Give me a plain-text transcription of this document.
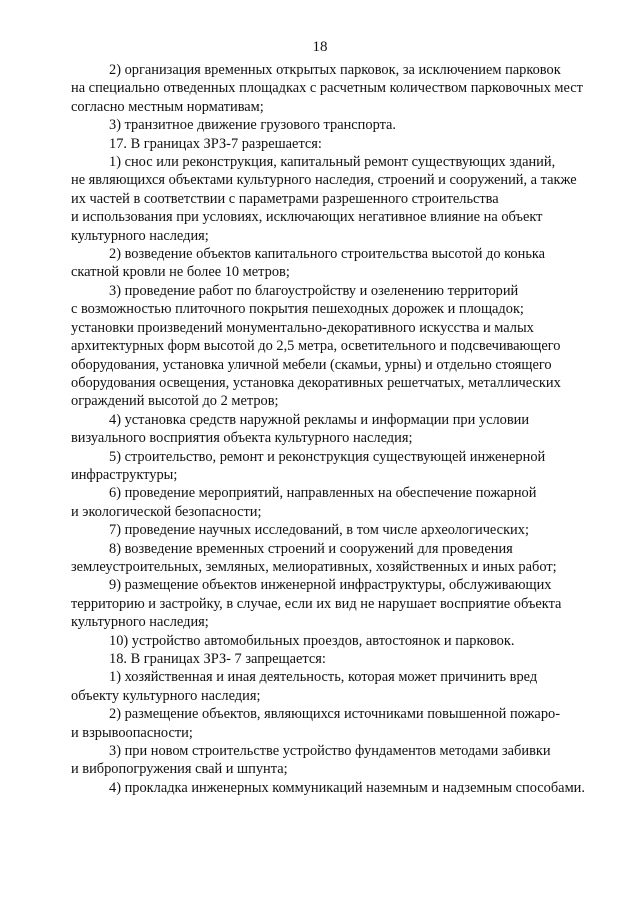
18

2) организация временных открытых парковок, за исключением парковок
на специально отведенных площадках с расчетным количеством парковочных мест
согласно местным нормативам;

3) транзитное движение грузового транспорта.

17. В границах ЗРЗ-7 разрешается:

1) снос или реконструкция, капитальный ремонт существующих зданий,
не являющихся объектами культурного наследия, строений и сооружений, а также
их частей в соответствии с параметрами разрешенного строительства
и использования при условиях, исключающих негативное влияние на объект
культурного наследия;

2) возведение объектов капитального строительства высотой до конька
скатной кровли не более 10 метров;

3) проведение работ по благоустройству и озеленению территорий
с возможностью плиточного покрытия пешеходных дорожек и площадок;
установки произведений монументально-декоративного искусства и малых
архитектурных форм высотой до 2,5 метра, осветительного и подсвечивающего
оборудования, установка уличной мебели (скамьи, урны) и отдельно стоящего
оборудования освещения, установка декоративных решетчатых, металлических
ограждений высотой до 2 метров;

4) установка средств наружной рекламы и информации при условии
визуального восприятия объекта культурного наследия;

5) строительство, ремонт и реконструкция существующей инженерной
инфраструктуры;

6) проведение мероприятий, направленных на обеспечение пожарной
и экологической безопасности;

7) проведение научных исследований, в том числе археологических;

8) возведение временных строений и сооружений для проведения
землеустроительных, земляных, мелиоративных, хозяйственных и иных работ;

9) размещение объектов инженерной инфраструктуры, обслуживающих
территорию и застройку, в случае, если их вид не нарушает восприятие объекта
культурного наследия;

10) устройство автомобильных проездов, автостоянок и парковок.

18. В границах ЗРЗ- 7 запрещается:

1) хозяйственная и иная деятельность, которая может причинить вред
объекту культурного наследия;

2) размещение объектов, являющихся источниками повышенной пожаро-
и взрывоопасности;

3) при новом строительстве устройство фундаментов методами забивки
и вибропогружения свай и шпунта;

4) прокладка инженерных коммуникаций наземным и надземным способами.
